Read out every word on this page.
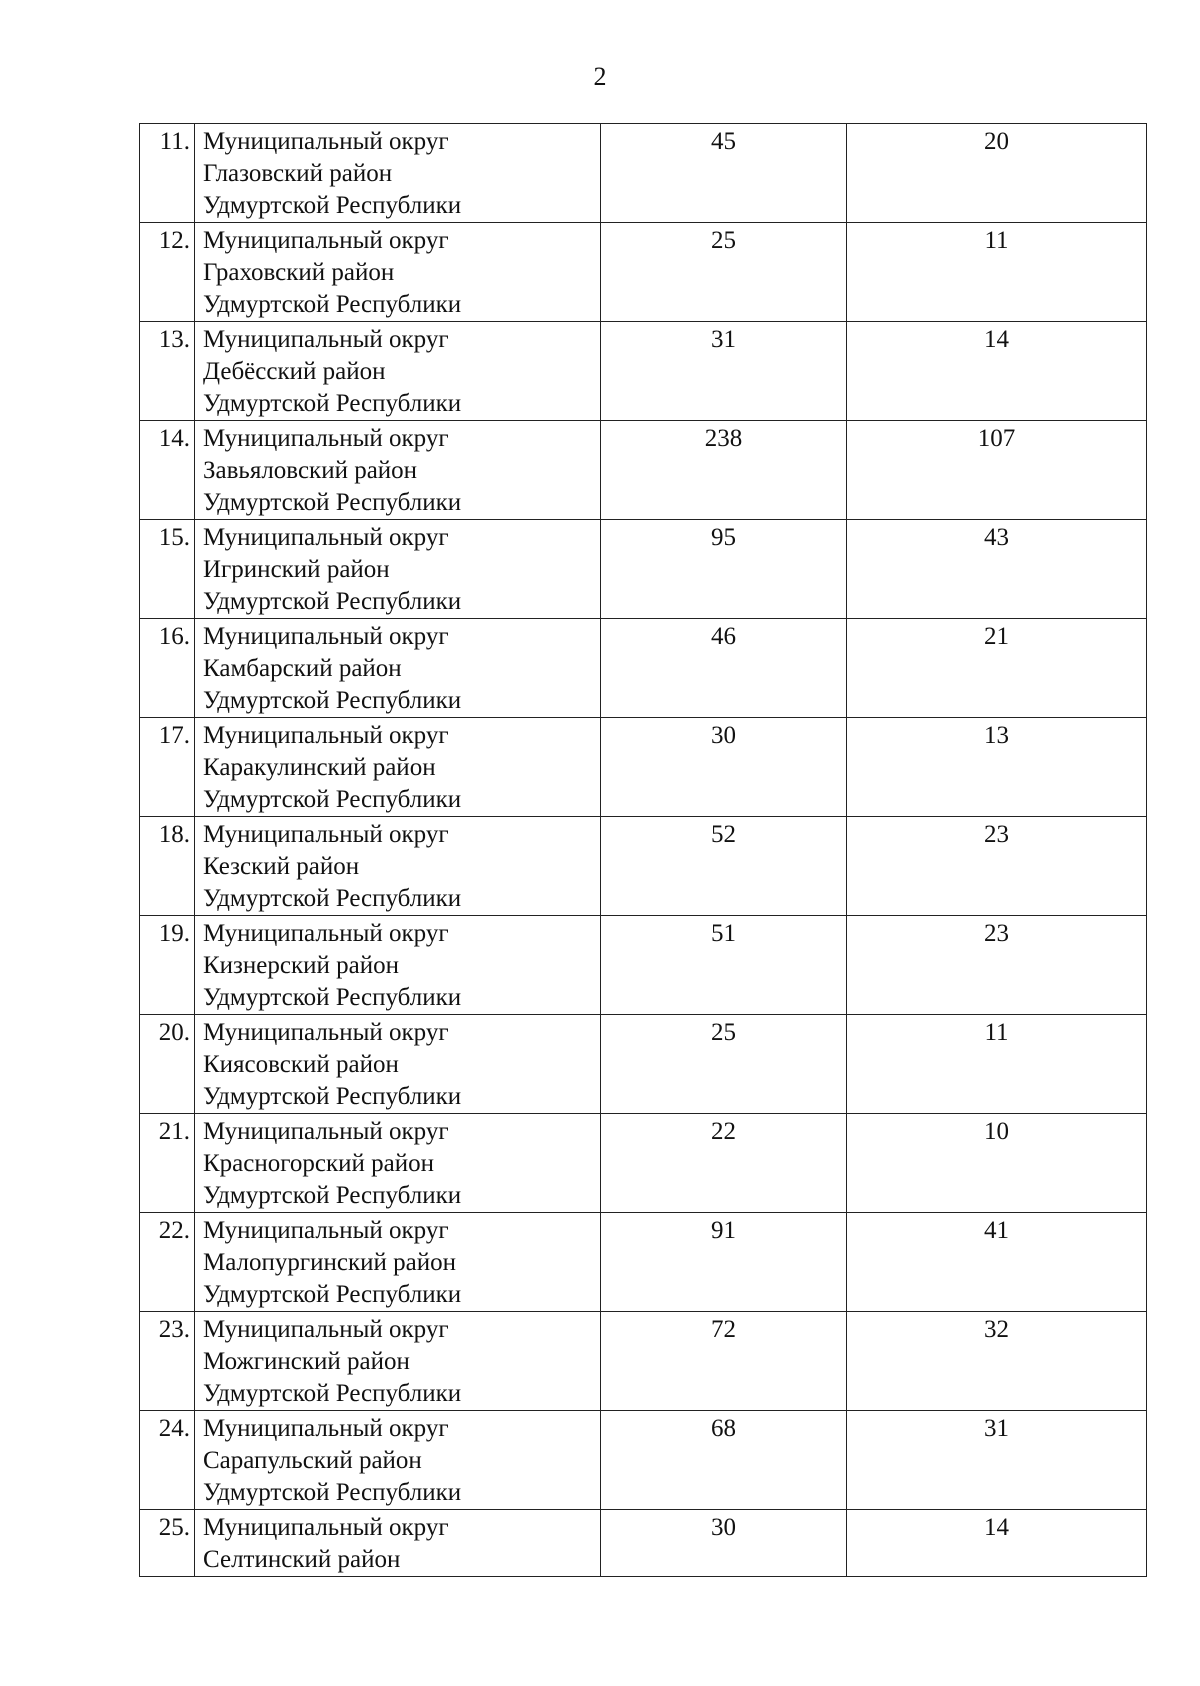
2
11.	Муниципальный округ
Глазовский район
Удмуртской Республики	45	20
12.	Муниципальный округ
Граховский район
Удмуртской Республики	25	11
13.	Муниципальный округ
Дебёсский район
Удмуртской Республики	31	14
14.	Муниципальный округ
Завьяловский район
Удмуртской Республики	238	107
15.	Муниципальный округ
Игринский район
Удмуртской Республики	95	43
16.	Муниципальный округ
Камбарский район
Удмуртской Республики	46	21
17.	Муниципальный округ
Каракулинский район
Удмуртской Республики	30	13
18.	Муниципальный округ
Кезский район
Удмуртской Республики	52	23
19.	Муниципальный округ
Кизнерский район
Удмуртской Республики	51	23
20.	Муниципальный округ
Киясовский район
Удмуртской Республики	25	11
21.	Муниципальный округ
Красногорский район
Удмуртской Республики	22	10
22.	Муниципальный округ
Малопургинский район
Удмуртской Республики	91	41
23.	Муниципальный округ
Можгинский район
Удмуртской Республики	72	32
24.	Муниципальный округ
Сарапульский район
Удмуртской Республики	68	31
25.	Муниципальный округ
Селтинский район	30	14
